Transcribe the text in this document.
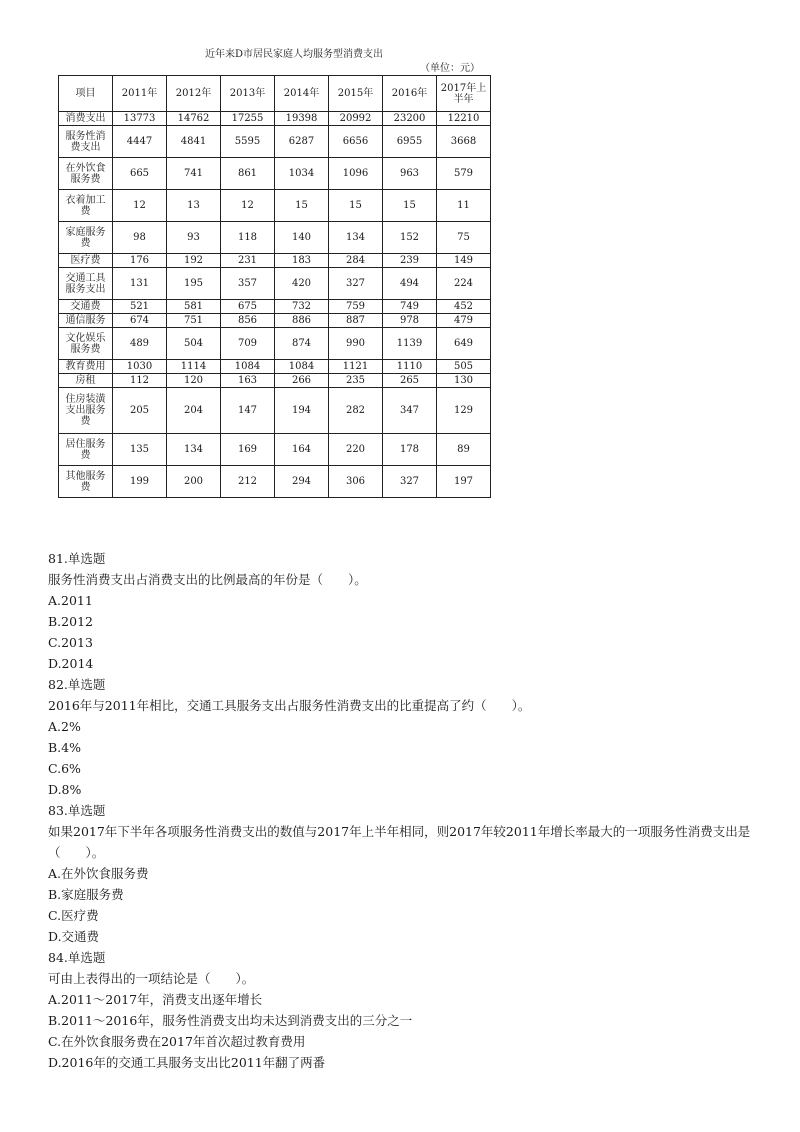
近年来D市居民家庭人均服务型消费支出
（单位：元）
项目	2011年	2012年	2013年	2014年	2015年	2016年	2017年上半年
消费支出	13773	14762	17255	19398	20992	23200	12210
服务性消费支出	4447	4841	5595	6287	6656	6955	3668
在外饮食服务费	665	741	861	1034	1096	963	579
衣着加工费	12	13	12	15	15	15	11
家庭服务费	98	93	118	140	134	152	75
医疗费	176	192	231	183	284	239	149
交通工具服务支出	131	195	357	420	327	494	224
交通费	521	581	675	732	759	749	452
通信服务	674	751	856	886	887	978	479
文化娱乐服务费	489	504	709	874	990	1139	649
教育费用	1030	1114	1084	1084	1121	1110	505
房租	112	120	163	266	235	265	130
住房装潢支出服务费	205	204	147	194	282	347	129
居住服务费	135	134	169	164	220	178	89
其他服务费	199	200	212	294	306	327	197
81.单选题
服务性消费支出占消费支出的比例最高的年份是（　　）。
A.2011
B.2012
C.2013
D.2014
82.单选题
2016年与2011年相比，交通工具服务支出占服务性消费支出的比重提高了约（　　）。
A.2%
B.4%
C.6%
D.8%
83.单选题
如果2017年下半年各项服务性消费支出的数值与2017年上半年相同，则2017年较2011年增长率最大的一项服务性消费支出是（　　）。
A.在外饮食服务费
B.家庭服务费
C.医疗费
D.交通费
84.单选题
可由上表得出的一项结论是（　　）。
A.2011～2017年，消费支出逐年增长
B.2011～2016年，服务性消费支出均未达到消费支出的三分之一
C.在外饮食服务费在2017年首次超过教育费用
D.2016年的交通工具服务支出比2011年翻了两番
